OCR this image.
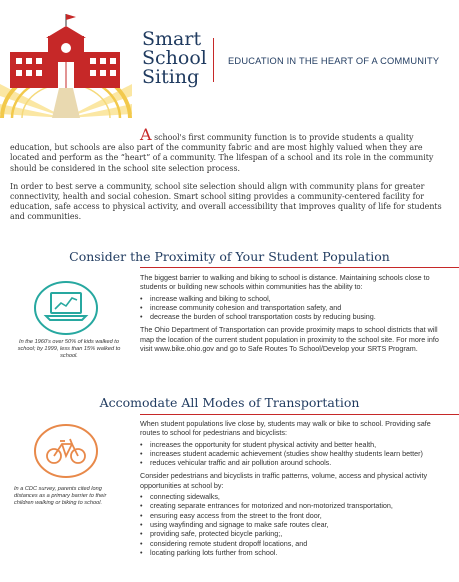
Smart
School
Siting
EDUCATION IN THE HEART OF A COMMUNITY

A school's first community function is to provide students a quality education, but schools are also part of the community fabric and are most highly valued when they are located and perform as the “heart” of a community. The lifespan of a school and its role in the community should be considered in the school site selection process.

In order to best serve a community, school site selection should align with community plans for greater connectivity, health and social cohesion. Smart school siting provides a community-centered facility for education, safe access to physical activity, and overall accessibility that improves quality of life for students and communities.

Consider the Proximity of Your Student Population
In the 1960's over 50% of kids walked to school; by 1999, less than 15% walked to school.

The biggest barrier to walking and biking to school is distance. Maintaining schools close to students or building new schools within communities has the ability to:

• increase walking and biking to school,
• increase community cohesion and transportation safety, and
• decrease the burden of school transportation costs by reducing busing.

The Ohio Department of Transportation can provide proximity maps to school districts that will map the location of the current student population in proximity to the school site. For more info visit www.bike.ohio.gov and go to Safe Routes To School/Develop your SRTS Program.

Accomodate All Modes of Transportation
In a CDC survey, parents cited long distances as a primary barrier to their children walking or biking to school.

When student populations live close by, students may walk or bike to school. Providing safe routes to school for pedestrians and bicyclists:

• increases the opportunity for student physical activity and better health,
• increases student academic achievement (studies show healthy students learn better)
• reduces vehicular traffic and air pollution around schools.

Consider pedestrians and bicyclists in traffic patterns, volume, access and physical activity opportunities at school by:

• connecting sidewalks,
• creating separate entrances for motorized and non-motorized transportation,
• ensuring easy access from the street to the front door,
• using wayfinding and signage to make safe routes clear,
• providing safe, protected bicycle parking;,
• considering remote student dropoff locations, and
• locating parking lots further from school.
